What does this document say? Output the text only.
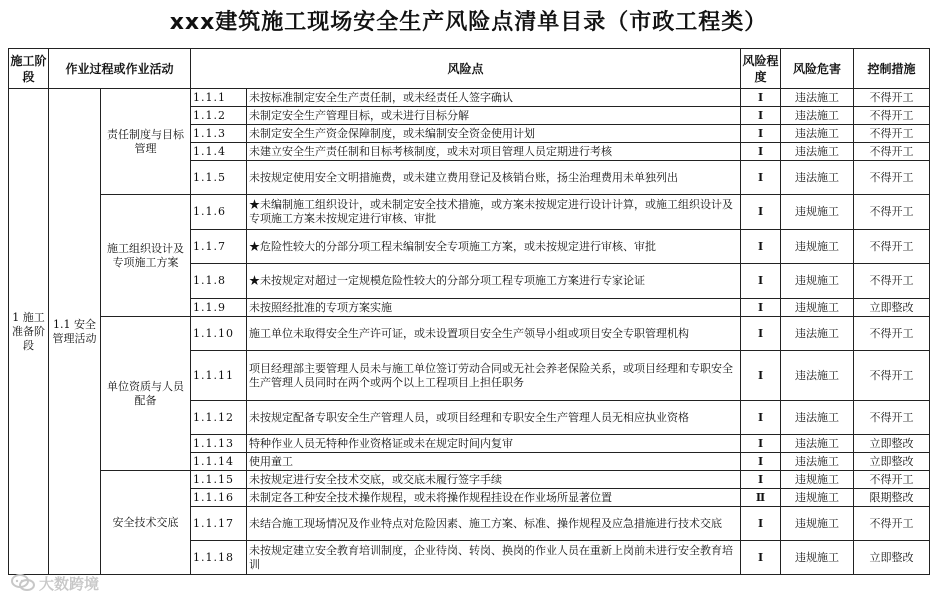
xxx建筑施工现场安全生产风险点清单目录（市政工程类）
施工阶段	作业过程或作业活动		风险点		风险程度	风险危害	控制措施
1 施工准备阶段	1.1 安全管理活动	责任制度与目标管理	1.1.1	未按标准制定安全生产责任制，或未经责任人签字确认	Ⅰ	违法施工	不得开工
			1.1.2	未制定安全生产管理目标，或未进行目标分解	Ⅰ	违法施工	不得开工
			1.1.3	未制定安全生产资金保障制度，或未编制安全资金使用计划	Ⅰ	违法施工	不得开工
			1.1.4	未建立安全生产责任制和目标考核制度，或未对项目管理人员定期进行考核	Ⅰ	违法施工	不得开工
			1.1.5	未按规定使用安全文明措施费，或未建立费用登记及核销台账，扬尘治理费用未单独列出	Ⅰ	违法施工	不得开工
		施工组织设计及专项施工方案	1.1.6	★未编制施工组织设计，或未制定安全技术措施，或方案未按规定进行设计计算，或施工组织设计及专项施工方案未按规定进行审核、审批	Ⅰ	违规施工	不得开工
			1.1.7	★危险性较大的分部分项工程未编制安全专项施工方案，或未按规定进行审核、审批	Ⅰ	违规施工	不得开工
			1.1.8	★未按规定对超过一定规模危险性较大的分部分项工程专项施工方案进行专家论证	Ⅰ	违规施工	不得开工
			1.1.9	未按照经批准的专项方案实施	Ⅰ	违规施工	立即整改
		单位资质与人员配备	1.1.10	施工单位未取得安全生产许可证，或未设置项目安全生产领导小组或项目安全专职管理机构	Ⅰ	违法施工	不得开工
			1.1.11	项目经理部主要管理人员未与施工单位签订劳动合同或无社会养老保险关系，或项目经理和专职安全生产管理人员同时在两个或两个以上工程项目上担任职务	Ⅰ	违法施工	不得开工
			1.1.12	未按规定配备专职安全生产管理人员，或项目经理和专职安全生产管理人员无相应执业资格	Ⅰ	违法施工	不得开工
			1.1.13	特种作业人员无特种作业资格证或未在规定时间内复审	Ⅰ	违法施工	立即整改
			1.1.14	使用童工	Ⅰ	违法施工	立即整改
		安全技术交底	1.1.15	未按规定进行安全技术交底，或交底未履行签字手续	Ⅰ	违规施工	不得开工
			1.1.16	未制定各工种安全技术操作规程，或未将操作规程挂设在作业场所显著位置	Ⅱ	违规施工	限期整改
			1.1.17	未结合施工现场情况及作业特点对危险因素、施工方案、标准、操作规程及应急措施进行技术交底	Ⅰ	违规施工	不得开工
			1.1.18	未按规定建立安全教育培训制度，企业待岗、转岗、换岗的作业人员在重新上岗前未进行安全教育培训	Ⅰ	违规施工	立即整改
大数跨境
